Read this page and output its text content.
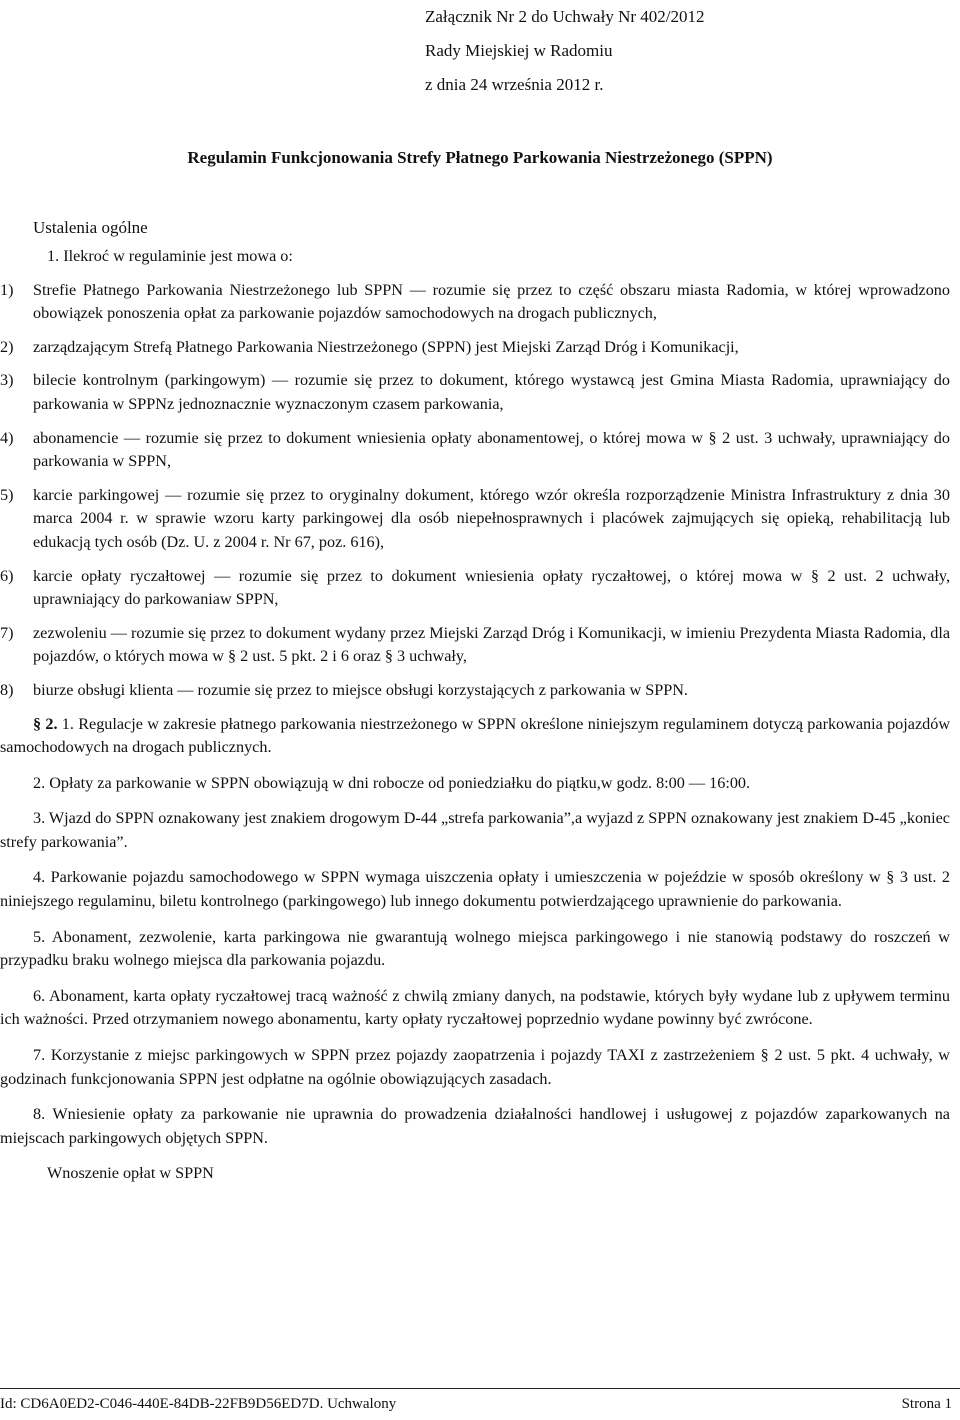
Załącznik Nr 2 do Uchwały Nr 402/2012
Rady Miejskiej w Radomiu
z dnia 24 września 2012 r.
Regulamin Funkcjonowania Strefy Płatnego Parkowania Niestrzeżonego (SPPN)
Ustalenia ogólne

1. Ilekroć w regulaminie jest mowa o:

1) Strefie Płatnego Parkowania Niestrzeżonego lub SPPN ― rozumie się przez to część obszaru miasta Radomia, w której wprowadzono obowiązek ponoszenia opłat za parkowanie pojazdów samochodowych na drogach publicznych,

2) zarządzającym Strefą Płatnego Parkowania Niestrzeżonego (SPPN) jest Miejski Zarząd Dróg i Komunikacji,

3) bilecie kontrolnym (parkingowym) ― rozumie się przez to dokument, którego wystawcą jest Gmina Miasta Radomia, uprawniający do parkowania w SPPNz jednoznacznie wyznaczonym czasem parkowania,

4) abonamencie ― rozumie się przez to dokument wniesienia opłaty abonamentowej, o której mowa w § 2 ust. 3 uchwały, uprawniający do parkowania w SPPN,

5) karcie parkingowej ― rozumie się przez to oryginalny dokument, którego wzór określa rozporządzenie Ministra Infrastruktury z dnia 30 marca 2004 r. w sprawie wzoru karty parkingowej dla osób niepełnosprawnych i placówek zajmujących się opieką, rehabilitacją lub edukacją tych osób (Dz. U. z 2004 r. Nr 67, poz. 616),

6) karcie opłaty ryczałtowej ― rozumie się przez to dokument wniesienia opłaty ryczałtowej, o której mowa w § 2 ust. 2 uchwały, uprawniający do parkowaniaw SPPN,

7) zezwoleniu ― rozumie się przez to dokument wydany przez Miejski Zarząd Dróg i Komunikacji, w imieniu Prezydenta Miasta Radomia, dla pojazdów, o których mowa w § 2 ust. 5 pkt. 2 i 6 oraz § 3 uchwały,

8) biurze obsługi klienta ― rozumie się przez to miejsce obsługi korzystających z parkowania w SPPN.

§ 2. 1. Regulacje w zakresie płatnego parkowania niestrzeżonego w SPPN określone niniejszym regulaminem dotyczą parkowania pojazdów samochodowych na drogach publicznych.

2. Opłaty za parkowanie w SPPN obowiązują w dni robocze od poniedziałku do piątku,w godz. 8:00 ― 16:00.

3. Wjazd do SPPN oznakowany jest znakiem drogowym D-44 „strefa parkowania”,a wyjazd z SPPN oznakowany jest znakiem D-45 „koniec strefy parkowania”.

4. Parkowanie pojazdu samochodowego w SPPN wymaga uiszczenia opłaty i umieszczenia w pojeździe w sposób określony w § 3 ust. 2 niniejszego regulaminu, biletu kontrolnego (parkingowego) lub innego dokumentu potwierdzającego uprawnienie do parkowania.

5. Abonament, zezwolenie, karta parkingowa nie gwarantują wolnego miejsca parkingowego i nie stanowią podstawy do roszczeń w przypadku braku wolnego miejsca dla parkowania pojazdu.

6. Abonament, karta opłaty ryczałtowej tracą ważność z chwilą zmiany danych, na podstawie, których były wydane lub z upływem terminu ich ważności. Przed otrzymaniem nowego abonamentu, karty opłaty ryczałtowej poprzednio wydane powinny być zwrócone.

7. Korzystanie z miejsc parkingowych w SPPN przez pojazdy zaopatrzenia i pojazdy TAXI z zastrzeżeniem § 2 ust. 5 pkt. 4 uchwały, w godzinach funkcjonowania SPPN jest odpłatne na ogólnie obowiązujących zasadach.

8. Wniesienie opłaty za parkowanie nie uprawnia do prowadzenia działalności handlowej i usługowej z pojazdów zaparkowanych na miejscach parkingowych objętych SPPN.

Wnoszenie opłat w SPPN

Id: CD6A0ED2-C046-440E-84DB-22FB9D56ED7D. Uchwalony	Strona 1
